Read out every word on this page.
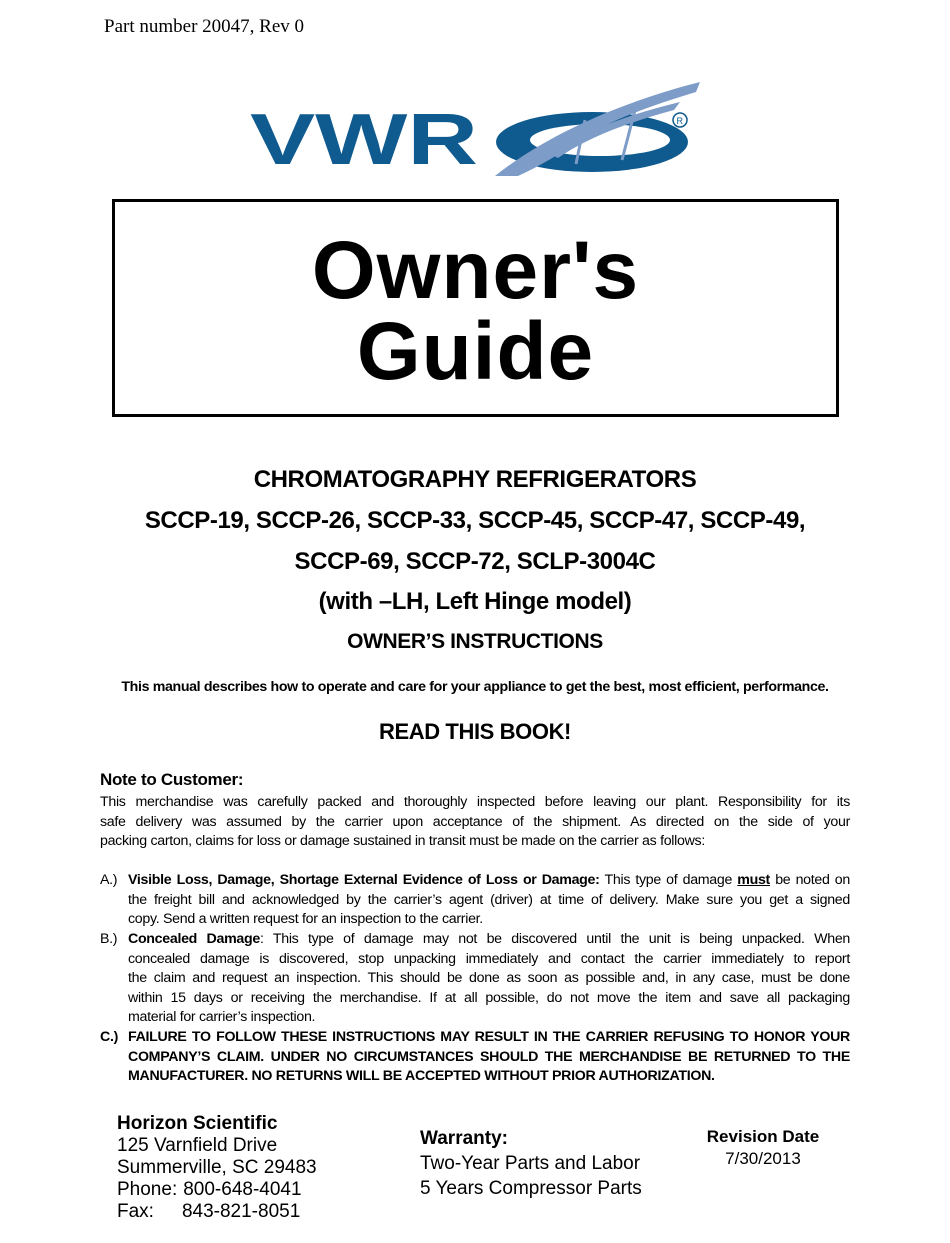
Part number 20047, Rev 0
VWR	R
Owner's
Guide
CHROMATOGRAPHY REFRIGERATORS
SCCP-19, SCCP-26, SCCP-33, SCCP-45, SCCP-47, SCCP-49,
SCCP-69, SCCP-72, SCLP-3004C
(with –LH, Left Hinge model)
OWNER’S INSTRUCTIONS
This manual describes how to operate and care for your appliance to get the best, most efficient, performance.
READ THIS BOOK!
Note to Customer:
This merchandise was carefully packed and thoroughly inspected before leaving our plant. Responsibility for its
safe delivery was assumed by the carrier upon acceptance of the shipment. As directed on the side of your
packing carton, claims for loss or damage sustained in transit must be made on the carrier as follows:
A.) Visible Loss, Damage, Shortage External Evidence of Loss or Damage: This type of damage must be noted on
the freight bill and acknowledged by the carrier’s agent (driver) at time of delivery. Make sure you get a signed
copy. Send a written request for an inspection to the carrier.
B.) Concealed Damage: This type of damage may not be discovered until the unit is being unpacked. When
concealed damage is discovered, stop unpacking immediately and contact the carrier immediately to report
the claim and request an inspection. This should be done as soon as possible and, in any case, must be done
within 15 days or receiving the merchandise. If at all possible, do not move the item and save all packaging
material for carrier’s inspection.
C.) FAILURE TO FOLLOW THESE INSTRUCTIONS MAY RESULT IN THE CARRIER REFUSING TO HONOR YOUR
COMPANY’S CLAIM. UNDER NO CIRCUMSTANCES SHOULD THE MERCHANDISE BE RETURNED TO THE
MANUFACTURER. NO RETURNS WILL BE ACCEPTED WITHOUT PRIOR AUTHORIZATION.
Horizon Scientific
125 Varnfield Drive
Summerville, SC 29483
Phone: 800-648-4041
Fax: 843-821-8051
Warranty:
Two-Year Parts and Labor
5 Years Compressor Parts
Revision Date
7/30/2013
